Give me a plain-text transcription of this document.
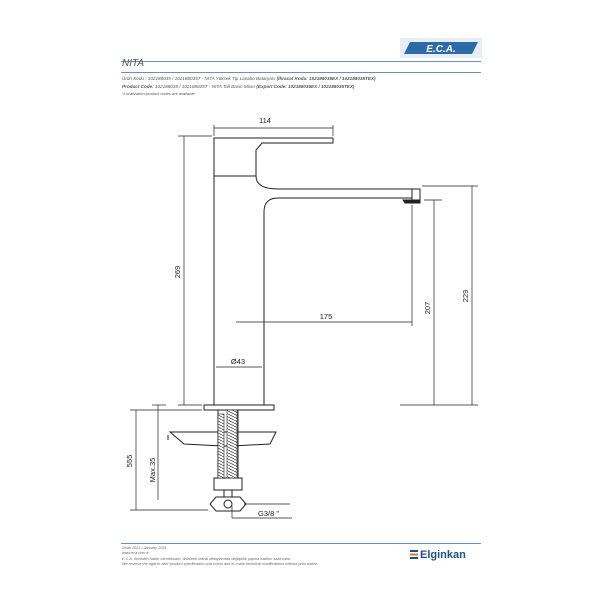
E.C.A.
NITA
Ürün Kodu : 102188035 / 102188035T - NITA Yüksek Tip Lavabo Bataryası (İhracat Kodu: 102188035EX / 102188035TEX)
Product Code: 102188035 / 102188035T - NITA Tall Basin Mixer (Export Code: 102188035EX / 102188035TEX)
*Localization product codes are available.
114
269
175
207
229
Ø43
555 Max.35
G3/8 "
Ocak 2021 / January 2021
www.eca.com.tr
E.C.A. önceden haber vermeksizin, ürünlerin teknik detaylarında değişiklik yapma hakkını saklı tutar.
We reserve the right to alter product specification and colors and to make technical modifications without prior notice.
Elginkan
